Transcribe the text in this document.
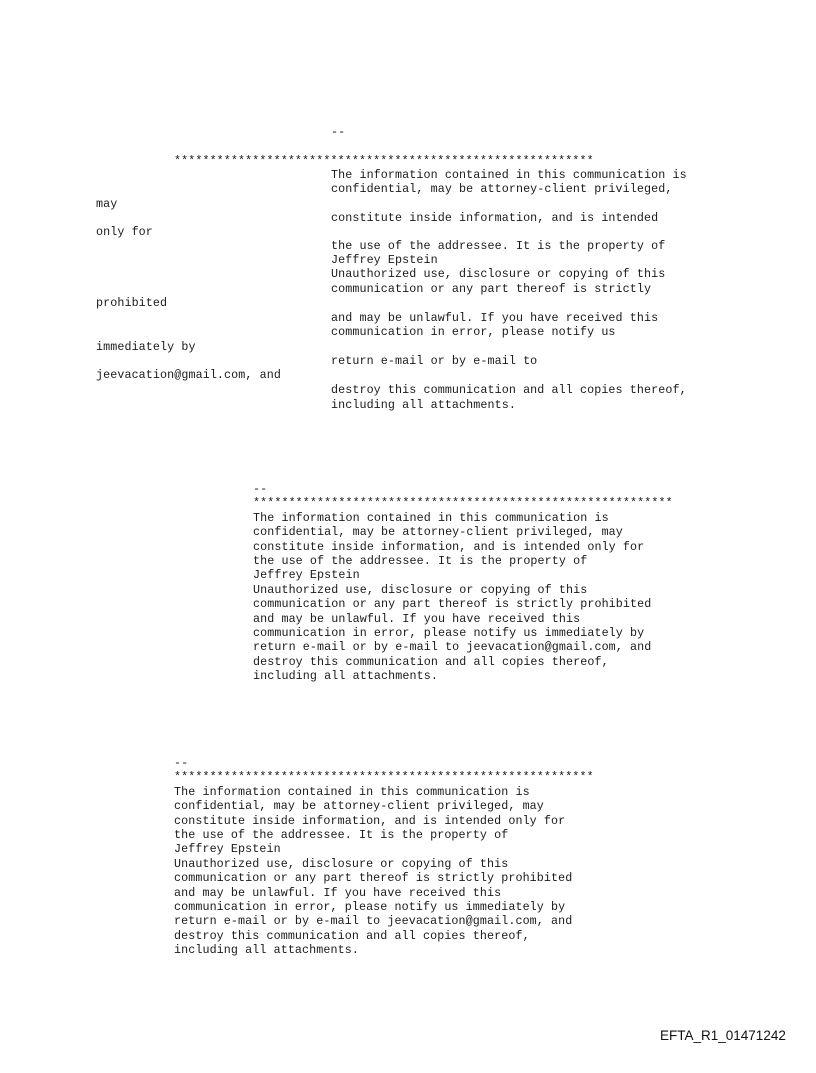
--

***********************************************************

The information contained in this communication is

confidential, may be attorney-client privileged,

may

constitute inside information, and is intended

only for

the use of the addressee. It is the property of

Jeffrey Epstein

Unauthorized use, disclosure or copying of this

communication or any part thereof is strictly

prohibited

and may be unlawful. If you have received this

communication in error, please notify us

immediately by

return e-mail or by e-mail to

jeevacation@gmail.com, and

destroy this communication and all copies thereof,

including all attachments.

--

***********************************************************

The information contained in this communication is

confidential, may be attorney-client privileged, may

constitute inside information, and is intended only for

the use of the addressee. It is the property of

Jeffrey Epstein

Unauthorized use, disclosure or copying of this

communication or any part thereof is strictly prohibited

and may be unlawful. If you have received this

communication in error, please notify us immediately by

return e-mail or by e-mail to jeevacation@gmail.com, and

destroy this communication and all copies thereof,

including all attachments.

--

***********************************************************

The information contained in this communication is

confidential, may be attorney-client privileged, may

constitute inside information, and is intended only for

the use of the addressee. It is the property of

Jeffrey Epstein

Unauthorized use, disclosure or copying of this

communication or any part thereof is strictly prohibited

and may be unlawful. If you have received this

communication in error, please notify us immediately by

return e-mail or by e-mail to jeevacation@gmail.com, and

destroy this communication and all copies thereof,

including all attachments.

EFTA_R1_01471242
